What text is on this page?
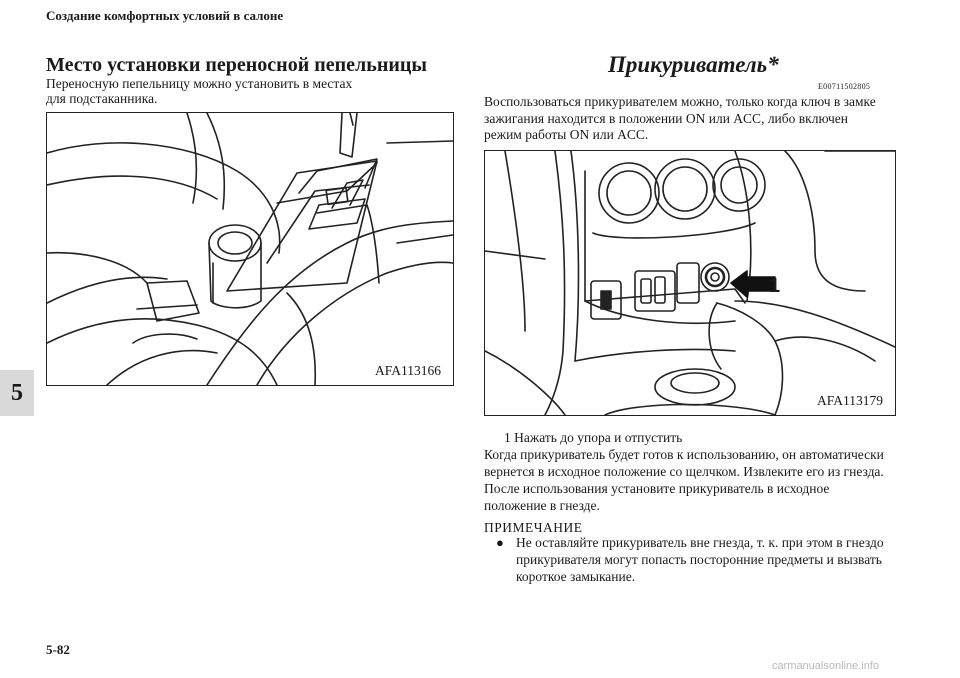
Создание комфортных условий в салоне
5
Место установки переносной пепельницы
Переносную пепельницу можно установить в местах
для подстаканника.
AFA113166
Прикуриватель*
E00711502805
Воспользоваться прикуривателем можно, только когда ключ в замке
зажигания находится в положении ON или ACC, либо включен
режим работы ON или ACC.
1
AFA113179
1 Нажать до упора и отпустить
Когда прикуриватель будет готов к использованию, он автоматически
вернется в исходное положение со щелчком. Извлеките его из гнезда.
После использования установите прикуриватель в исходное
положение в гнезде.
ПРИМЕЧАНИЕ
● Не оставляйте прикуриватель вне гнезда, т. к. при этом в гнездо
прикуривателя могут попасть посторонние предметы и вызвать
короткое замыкание.
5-82
carmanualsonline.info
